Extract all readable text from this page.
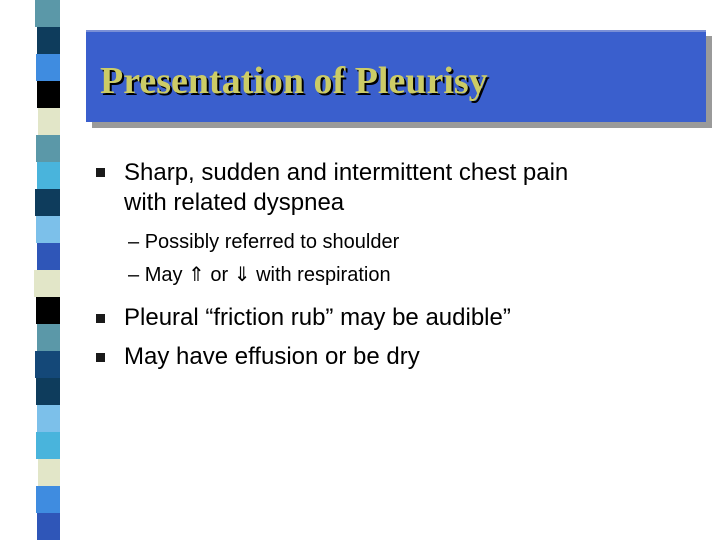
Presentation of Pleurisy
Sharp, sudden and intermittent chest pain
with related dyspnea
– Possibly referred to shoulder
– May ⇑ or ⇓ with respiration
Pleural “friction rub” may be audible”
May have effusion or be dry
